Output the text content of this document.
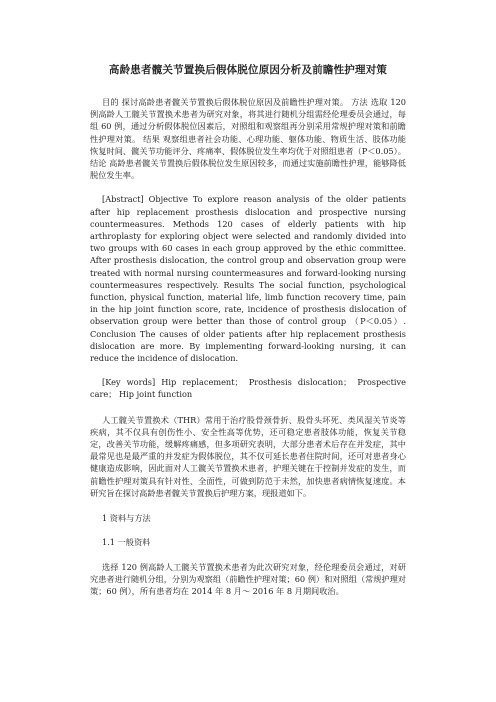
高龄患者髋关节置换后假体脱位原因分析及前瞻性护理对策

目的 探讨高龄患者髋关节置换后假体脱位原因及前瞻性护理对策。 方法 选取 120 例高龄人工髋关节置换术患者为研究对象，将其进行随机分组需经伦理委员会通过，每组 60 例，通过分析假体脱位因素后，对照组和观察组再分别采用常规护理对策和前瞻性护理对策。 结果 观察组患者社会功能、心理功能、躯体功能、物质生活、肢体功能恢复时间、髋关节功能评分、疼痛率、假体脱位发生率均优于对照组患者（P＜0.05）。 结论 高龄患者髋关节置换后假体脱位发生原因较多，而通过实施前瞻性护理，能够降低脱位发生率。

[Abstract] Objective To explore reason analysis of the older patients after hip replacement prosthesis dislocation and prospective nursing countermeasures. Methods 120 cases of elderly patients with hip arthroplasty for exploring object were selected and randomly divided into two groups with 60 cases in each group approved by the ethic committee. After prosthesis dislocation, the control group and observation group were treated with normal nursing countermeasures and forward-looking nursing countermeasures respectively. Results The social function, psychological function, physical function, material life, limb function recovery time, pain in the hip joint function score, rate, incidence of prosthesis dislocation of observation group were better than those of control group （P＜0.05）. Conclusion The causes of older patients after hip replacement prosthesis dislocation are more. By implementing forward-looking nursing, it can reduce the incidence of dislocation.

[Key words] Hip replacement； Prosthesis dislocation； Prospective care； Hip joint function

人工髋关节置换术（THR）常用于治疗股骨颈骨折、股骨头坏死、类风湿关节炎等疾病，其不仅具有创伤性小、安全性高等优势，还可稳定患者肢体功能，恢复关节稳定，改善关节功能，缓解疼痛感，但多项研究表明，大部分患者术后存在并发症，其中最常见也是最严重的并发症为假体脱位，其不仅可延长患者住院时间，还可对患者身心健康造成影响，因此面对人工髋关节置换术患者，护理关键在于控制并发症的发生，而前瞻性护理对策具有针对性、全面性，可做到防范于未然，加快患者病情恢复速度。本研究旨在探讨高龄患者髋关节置换后护理方案，现报道如下。

1 资料与方法
1.1 一般资料

选择 120 例高龄人工髋关节置换术患者为此次研究对象，经伦理委员会通过，对研究患者进行随机分组，分别为观察组（前瞻性护理对策；60 例）和对照组（常规护理对策；60 例），所有患者均在 2014 年 8 月～ 2016 年 8 月期间收治。
